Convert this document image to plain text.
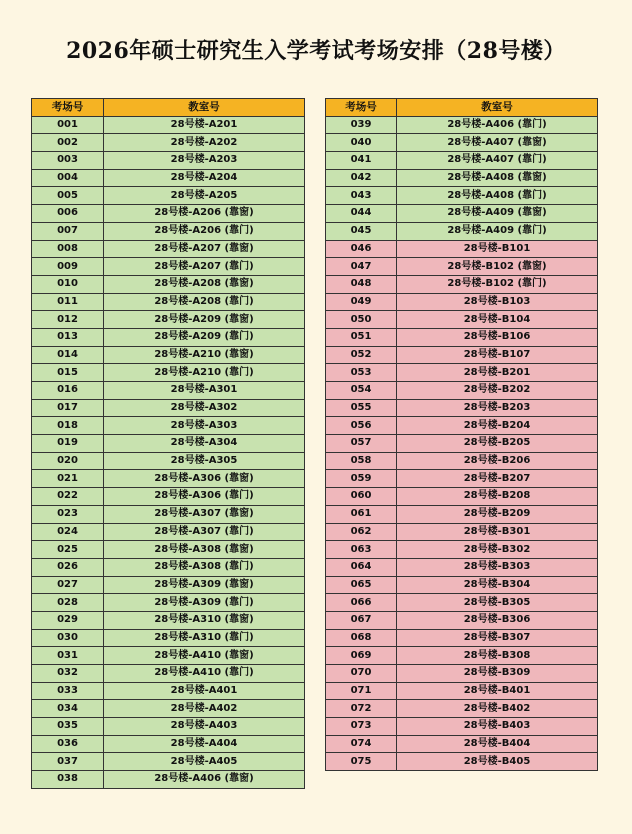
2026年硕士研究生入学考试考场安排（28号楼）
考场号	教室号
001	28号楼-A201
002	28号楼-A202
003	28号楼-A203
004	28号楼-A204
005	28号楼-A205
006	28号楼-A206 (靠窗)
007	28号楼-A206 (靠门)
008	28号楼-A207 (靠窗)
009	28号楼-A207 (靠门)
010	28号楼-A208 (靠窗)
011	28号楼-A208 (靠门)
012	28号楼-A209 (靠窗)
013	28号楼-A209 (靠门)
014	28号楼-A210 (靠窗)
015	28号楼-A210 (靠门)
016	28号楼-A301
017	28号楼-A302
018	28号楼-A303
019	28号楼-A304
020	28号楼-A305
021	28号楼-A306 (靠窗)
022	28号楼-A306 (靠门)
023	28号楼-A307 (靠窗)
024	28号楼-A307 (靠门)
025	28号楼-A308 (靠窗)
026	28号楼-A308 (靠门)
027	28号楼-A309 (靠窗)
028	28号楼-A309 (靠门)
029	28号楼-A310 (靠窗)
030	28号楼-A310 (靠门)
031	28号楼-A410 (靠窗)
032	28号楼-A410 (靠门)
033	28号楼-A401
034	28号楼-A402
035	28号楼-A403
036	28号楼-A404
037	28号楼-A405
038	28号楼-A406 (靠窗)
考场号	教室号
039	28号楼-A406 (靠门)
040	28号楼-A407 (靠窗)
041	28号楼-A407 (靠门)
042	28号楼-A408 (靠窗)
043	28号楼-A408 (靠门)
044	28号楼-A409 (靠窗)
045	28号楼-A409 (靠门)
046	28号楼-B101
047	28号楼-B102 (靠窗)
048	28号楼-B102 (靠门)
049	28号楼-B103
050	28号楼-B104
051	28号楼-B106
052	28号楼-B107
053	28号楼-B201
054	28号楼-B202
055	28号楼-B203
056	28号楼-B204
057	28号楼-B205
058	28号楼-B206
059	28号楼-B207
060	28号楼-B208
061	28号楼-B209
062	28号楼-B301
063	28号楼-B302
064	28号楼-B303
065	28号楼-B304
066	28号楼-B305
067	28号楼-B306
068	28号楼-B307
069	28号楼-B308
070	28号楼-B309
071	28号楼-B401
072	28号楼-B402
073	28号楼-B403
074	28号楼-B404
075	28号楼-B405
